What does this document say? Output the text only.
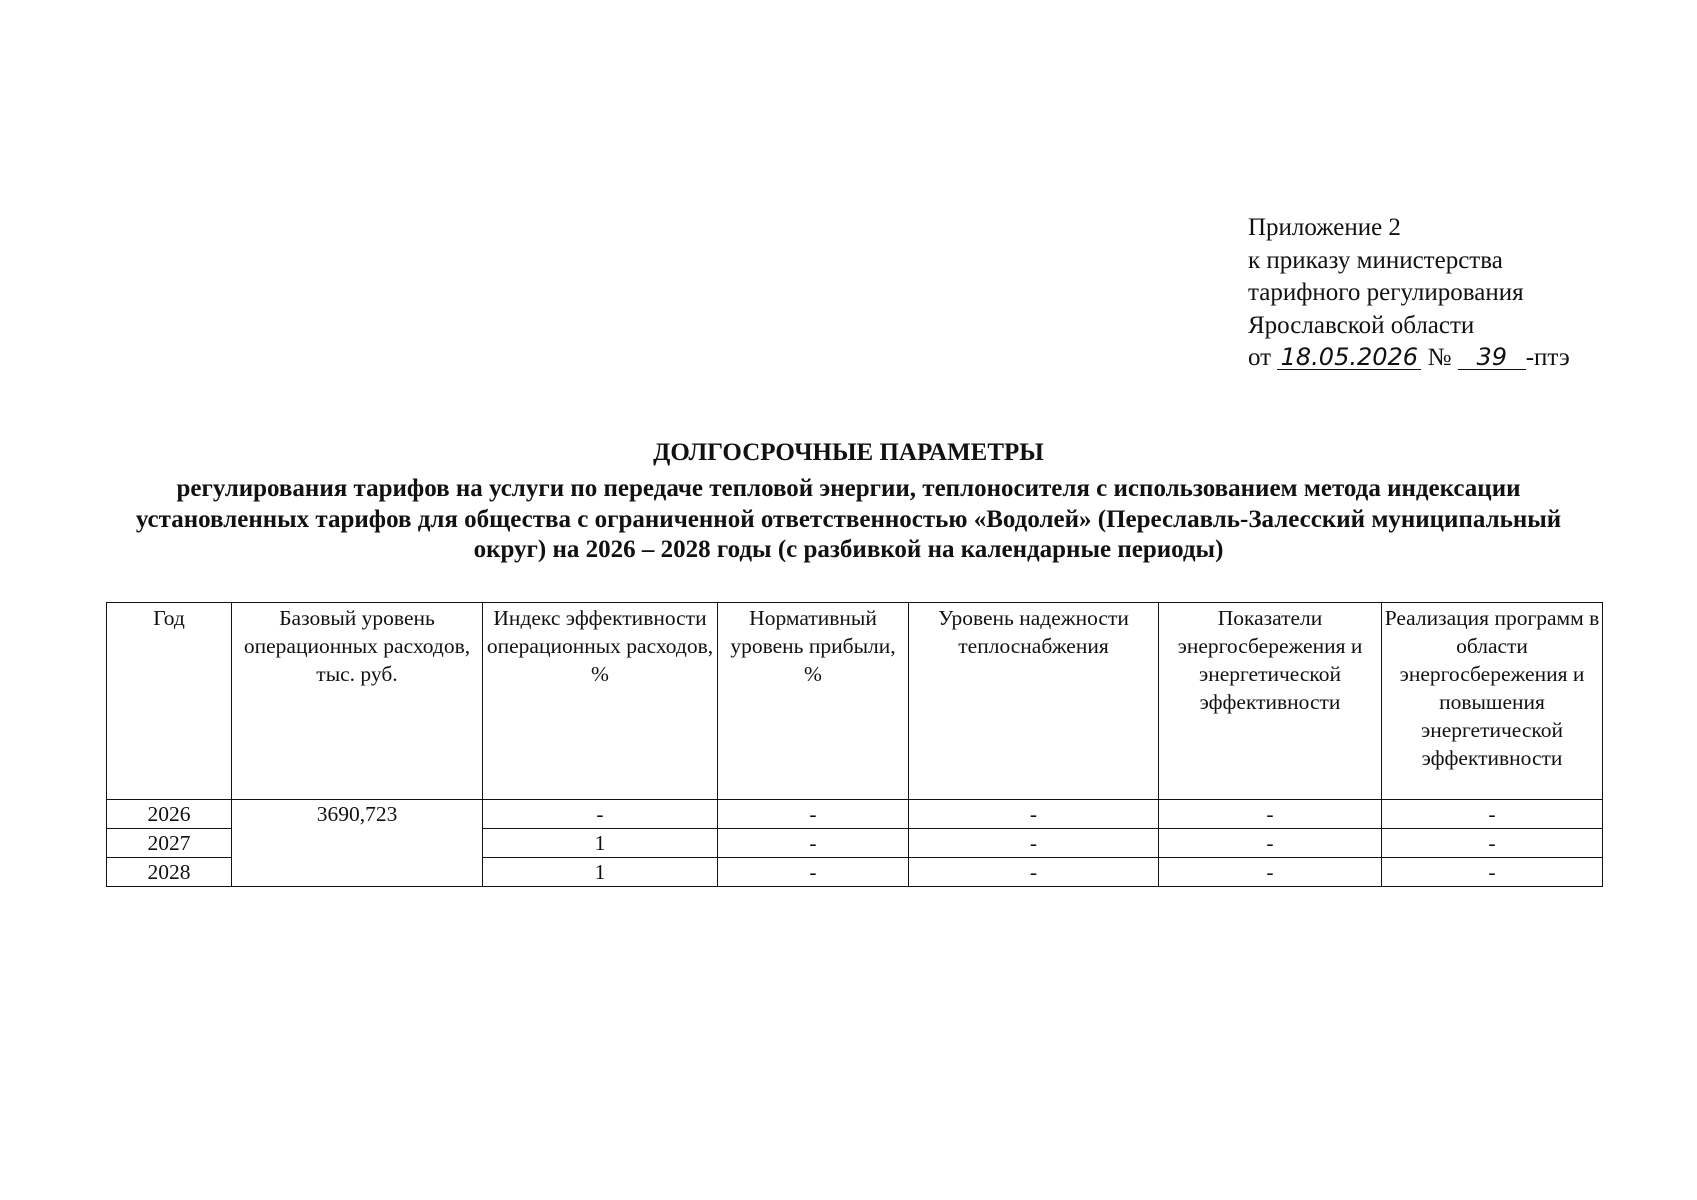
Приложение 2
к приказу министерства
тарифного регулирования
Ярославской области
от 18.05.2026 № 39 -птэ
ДОЛГОСРОЧНЫЕ ПАРАМЕТРЫ
регулирования тарифов на услуги по передаче тепловой энергии, теплоносителя с использованием метода индексации установленных тарифов для общества с ограниченной ответственностью «Водолей» (Переславль-Залесский муниципальный округ) на 2026 – 2028 годы (с разбивкой на календарные периоды)
Год	Базовый уровень операционных расходов, тыс. руб.	Индекс эффективности операционных расходов, %	Нормативный уровень прибыли, %	Уровень надежности теплоснабжения	Показатели энергосбережения и энергетической эффективности	Реализация программ в области энергосбережения и повышения энергетической эффективности
2026	3690,723	-	-	-	-	-
2027		1	-	-	-	-
2028		1	-	-	-	-
